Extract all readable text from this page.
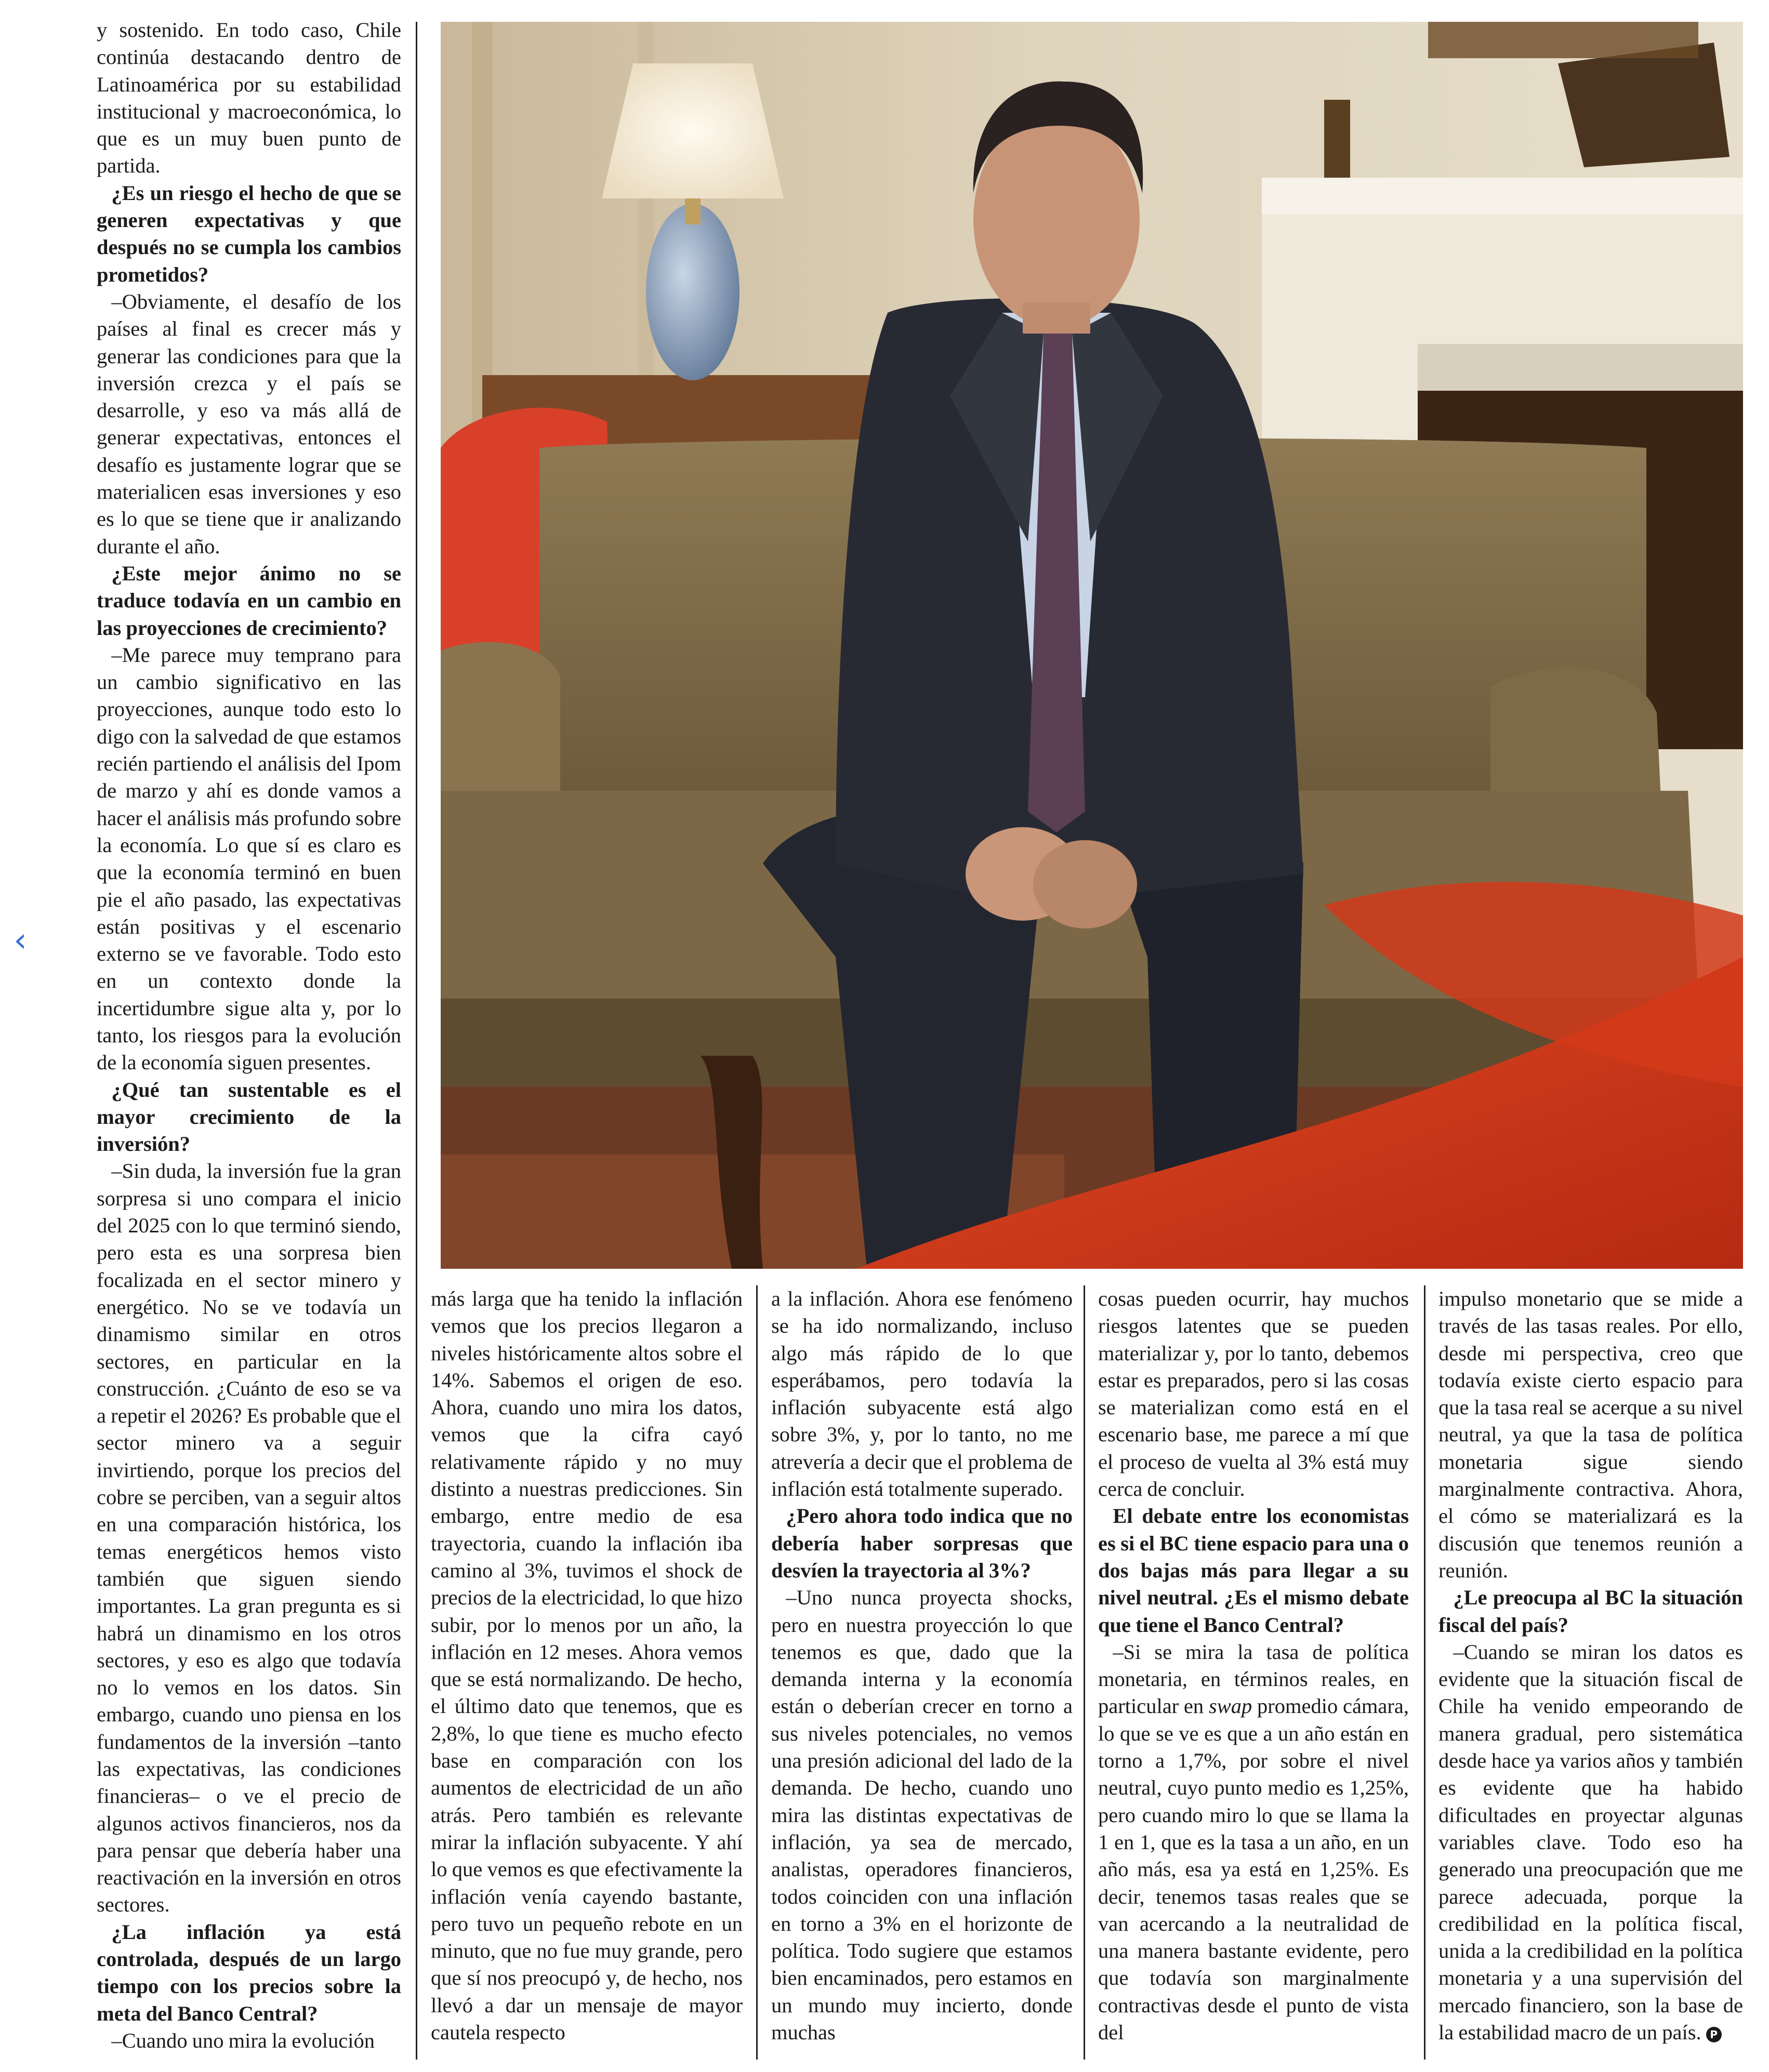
‹

y sostenido. En todo caso, Chile continúa destacando dentro de Latinoamérica por su estabilidad institucional y macroeconómica, lo que es un muy buen punto de partida.

¿Es un riesgo el hecho de que se generen expectativas y que después no se cumpla los cambios prometidos?

–Obviamente, el desafío de los países al final es crecer más y generar las condiciones para que la inversión crezca y el país se desarrolle, y eso va más allá de generar expectativas, entonces el desafío es justamente lograr que se materialicen esas inversiones y eso es lo que se tiene que ir analizando durante el año.

¿Este mejor ánimo no se traduce todavía en un cambio en las proyecciones de crecimiento?

–Me parece muy temprano para un cambio significativo en las proyecciones, aunque todo esto lo digo con la salvedad de que estamos recién partiendo el análisis del Ipom de marzo y ahí es donde vamos a hacer el análisis más profundo sobre la economía. Lo que sí es claro es que la economía terminó en buen pie el año pasado, las expectativas están positivas y el escenario externo se ve favorable. Todo esto en un contexto donde la incertidumbre sigue alta y, por lo tanto, los riesgos para la evolución de la economía siguen presentes.

¿Qué tan sustentable es el mayor crecimiento de la inversión?

–Sin duda, la inversión fue la gran sorpresa si uno compara el inicio del 2025 con lo que terminó siendo, pero esta es una sorpresa bien focalizada en el sector minero y energético. No se ve todavía un dinamismo similar en otros sectores, en particular en la construcción. ¿Cuánto de eso se va a repetir el 2026? Es probable que el sector minero va a seguir invirtiendo, porque los precios del cobre se perciben, van a seguir altos en una comparación histórica, los temas energéticos hemos visto también que siguen siendo importantes. La gran pregunta es si habrá un dinamismo en los otros sectores, y eso es algo que todavía no lo vemos en los datos. Sin embargo, cuando uno piensa en los fundamentos de la inversión –tanto las expectativas, las condiciones financieras– o ve el precio de algunos activos financieros, nos da para pensar que debería haber una reactivación en la inversión en otros sectores.

¿La inflación ya está controlada, después de un largo tiempo con los precios sobre la meta del Banco Central?

–Cuando uno mira la evolución

más larga que ha tenido la inflación vemos que los precios llegaron a niveles históricamente altos sobre el 14%. Sabemos el origen de eso. Ahora, cuando uno mira los datos, vemos que la cifra cayó relativamente rápido y no muy distinto a nuestras predicciones. Sin embargo, entre medio de esa trayectoria, cuando la inflación iba camino al 3%, tuvimos el shock de precios de la electricidad, lo que hizo subir, por lo menos por un año, la inflación en 12 meses. Ahora vemos que se está normalizando. De hecho, el último dato que tenemos, que es 2,8%, lo que tiene es mucho efecto base en comparación con los aumentos de electricidad de un año atrás. Pero también es relevante mirar la inflación subyacente. Y ahí lo que vemos es que efectivamente la inflación venía cayendo bastante, pero tuvo un pequeño rebote en un minuto, que no fue muy grande, pero que sí nos preocupó y, de hecho, nos llevó a dar un mensaje de mayor cautela respecto

a la inflación. Ahora ese fenómeno se ha ido normalizando, incluso algo más rápido de lo que esperábamos, pero todavía la inflación subyacente está algo sobre 3%, y, por lo tanto, no me atrevería a decir que el problema de inflación está totalmente superado.

¿Pero ahora todo indica que no debería haber sorpresas que desvíen la trayectoria al 3%?

–Uno nunca proyecta shocks, pero en nuestra proyección lo que tenemos es que, dado que la demanda interna y la economía están o deberían crecer en torno a sus niveles potenciales, no vemos una presión adicional del lado de la demanda. De hecho, cuando uno mira las distintas expectativas de inflación, ya sea de mercado, analistas, operadores financieros, todos coinciden con una inflación en torno a 3% en el horizonte de política. Todo sugiere que estamos bien encaminados, pero estamos en un mundo muy incierto, donde muchas

cosas pueden ocurrir, hay muchos riesgos latentes que se pueden materializar y, por lo tanto, debemos estar es preparados, pero si las cosas se materializan como está en el escenario base, me parece a mí que el proceso de vuelta al 3% está muy cerca de concluir.

El debate entre los economistas es si el BC tiene espacio para una o dos bajas más para llegar a su nivel neutral. ¿Es el mismo debate que tiene el Banco Central?

–Si se mira la tasa de política monetaria, en términos reales, en particular en swap promedio cámara, lo que se ve es que a un año están en torno a 1,7%, por sobre el nivel neutral, cuyo punto medio es 1,25%, pero cuando miro lo que se llama la 1 en 1, que es la tasa a un año, en un año más, esa ya está en 1,25%. Es decir, tenemos tasas reales que se van acercando a la neutralidad de una manera bastante evidente, pero que todavía son marginalmente contractivas desde el punto de vista del

impulso monetario que se mide a través de las tasas reales. Por ello, desde mi perspectiva, creo que todavía existe cierto espacio para que la tasa real se acerque a su nivel neutral, ya que la tasa de política monetaria sigue siendo marginalmente contractiva. Ahora, el cómo se materializará es la discusión que tenemos reunión a reunión.

¿Le preocupa al BC la situación fiscal del país?

–Cuando se miran los datos es evidente que la situación fiscal de Chile ha venido empeorando de manera gradual, pero sistemática desde hace ya varios años y también es evidente que ha habido dificultades en proyectar algunas variables clave. Todo eso ha generado una preocupación que me parece adecuada, porque la credibilidad en la política fiscal, unida a la credibilidad en la política monetaria y a una supervisión del mercado financiero, son la base de la estabilidad macro de un país. P
